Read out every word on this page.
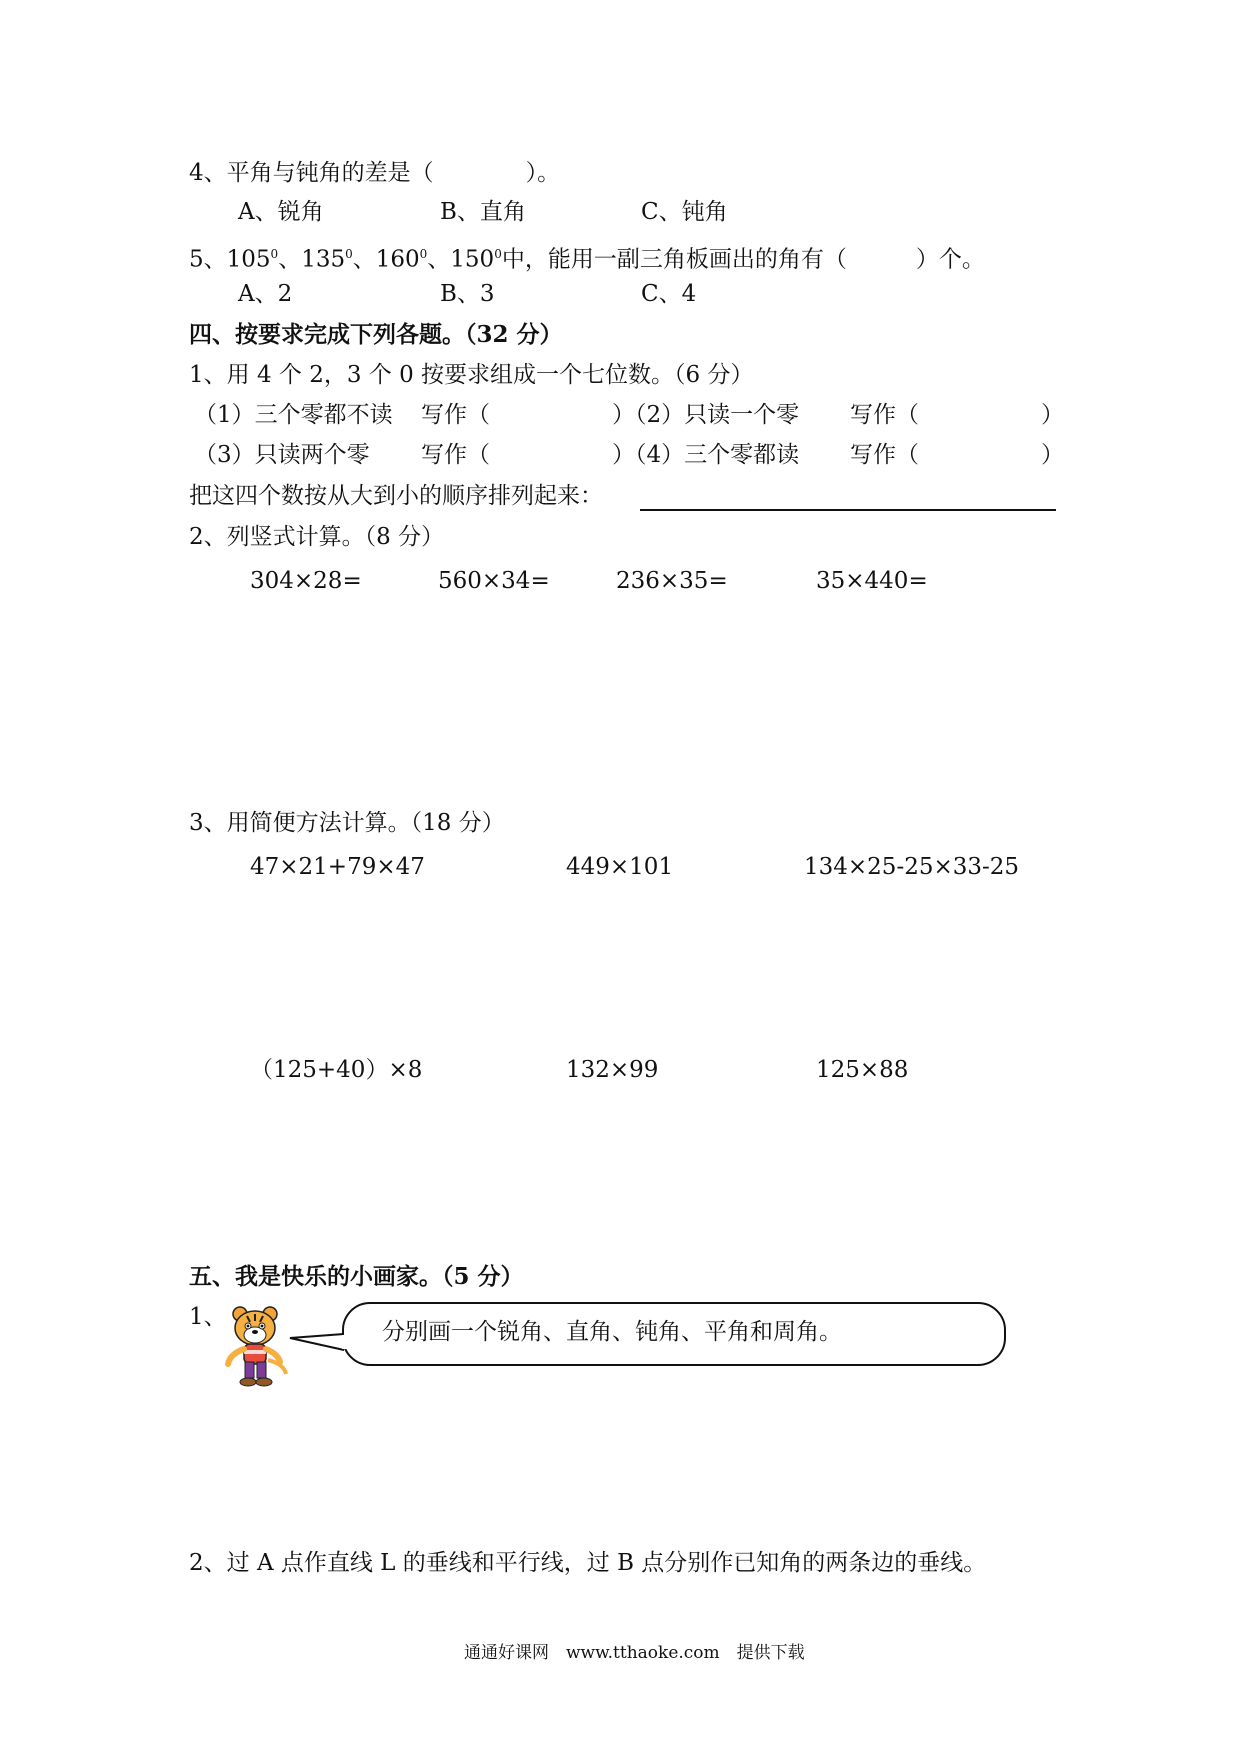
4、平角与钝角的差是（　　　　）。
A、锐角	B、直角	C、钝角
5、$105^0$、$135^0$、$160^0$、$150^0$中，能用一副三角板画出的角有（　　　）个。
A、2	B、3	C、4
四、按要求完成下列各题。（32 分）
1、用 4 个 2，3 个 0 按要求组成一个七位数。（6 分）
（1）三个零都不读 写作（	）（2）只读一个零 写作（	）
（3）只读两个零 写作（	）（4）三个零都读 写作（	）
把这四个数按从大到小的顺序排列起来：
2、列竖式计算。（8 分）
304×28=	560×34=	236×35=	35×440=
3、用简便方法计算。（18 分）
47×21+79×47	449×101	134×25-25×33-25
（125+40）×8	132×99	125×88
五、我是快乐的小画家。（5 分）
1、
分别画一个锐角、直角、钝角、平角和周角。
2、过 A 点作直线 L 的垂线和平行线，过 B 点分别作已知角的两条边的垂线。
通通好课网　www.tthaoke.com　提供下载
